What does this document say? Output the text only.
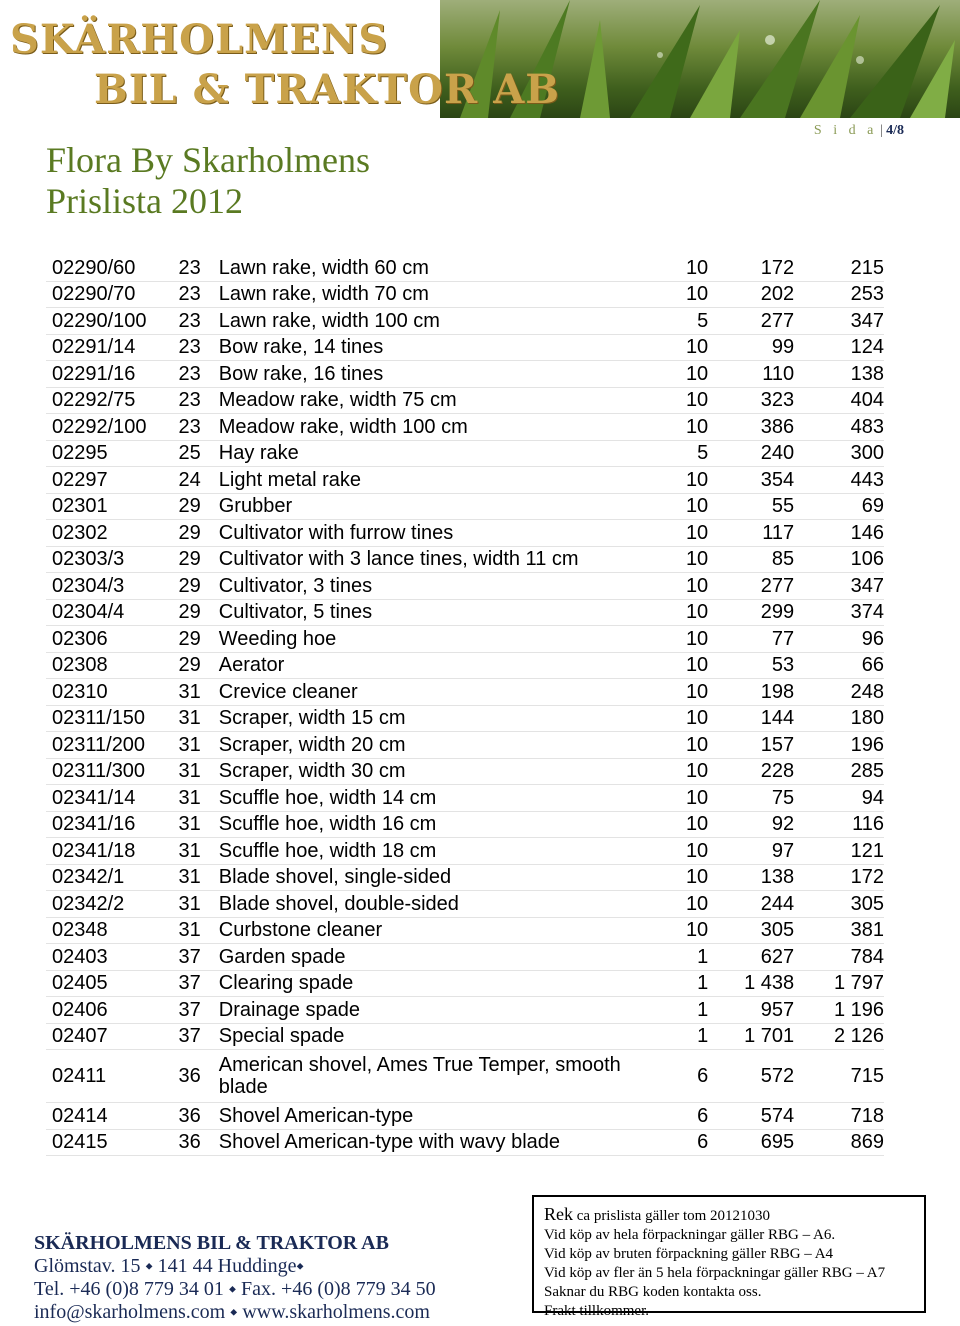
SKÄRHOLMENS
BIL & TRAKTOR AB
S i d a | 4/8
Flora By Skarholmens
Prislista 2012
02290/60	23	Lawn rake, width 60 cm	10	172	215
02290/70	23	Lawn rake, width 70 cm	10	202	253
02290/100	23	Lawn rake, width 100 cm	5	277	347
02291/14	23	Bow rake, 14 tines	10	99	124
02291/16	23	Bow rake, 16 tines	10	110	138
02292/75	23	Meadow rake, width 75 cm	10	323	404
02292/100	23	Meadow rake, width 100 cm	10	386	483
02295	25	Hay rake	5	240	300
02297	24	Light metal rake	10	354	443
02301	29	Grubber	10	55	69
02302	29	Cultivator with furrow tines	10	117	146
02303/3	29	Cultivator with 3 lance tines, width 11 cm	10	85	106
02304/3	29	Cultivator, 3 tines	10	277	347
02304/4	29	Cultivator, 5 tines	10	299	374
02306	29	Weeding hoe	10	77	96
02308	29	Aerator	10	53	66
02310	31	Crevice cleaner	10	198	248
02311/150	31	Scraper, width 15 cm	10	144	180
02311/200	31	Scraper, width 20 cm	10	157	196
02311/300	31	Scraper, width 30 cm	10	228	285
02341/14	31	Scuffle hoe, width 14 cm	10	75	94
02341/16	31	Scuffle hoe, width 16 cm	10	92	116
02341/18	31	Scuffle hoe, width 18 cm	10	97	121
02342/1	31	Blade shovel, single-sided	10	138	172
02342/2	31	Blade shovel, double-sided	10	244	305
02348	31	Curbstone cleaner	10	305	381
02403	37	Garden spade	1	627	784
02405	37	Clearing spade	1	1 438	1 797
02406	37	Drainage spade	1	957	1 196
02407	37	Special spade	1	1 701	2 126
02411	36	American shovel, Ames True Temper, smooth blade	6	572	715
02414	36	Shovel American-type	6	574	718
02415	36	Shovel American-type with wavy blade	6	695	869
SKÄRHOLMENS BIL & TRAKTOR AB
Glömstav. 15 ⬩ 141 44 Huddinge⬩
Tel. +46 (0)8 779 34 01 ⬩ Fax. +46 (0)8 779 34 50
info@skarholmens.com ⬩ www.skarholmens.com
Rek ca prislista gäller tom 20121030
Vid köp av hela förpackningar gäller RBG – A6.
Vid köp av bruten förpackning gäller RBG – A4
Vid köp av fler än 5 hela förpackningar gäller RBG – A7
Saknar du RBG koden kontakta oss.
Frakt tillkommer.
